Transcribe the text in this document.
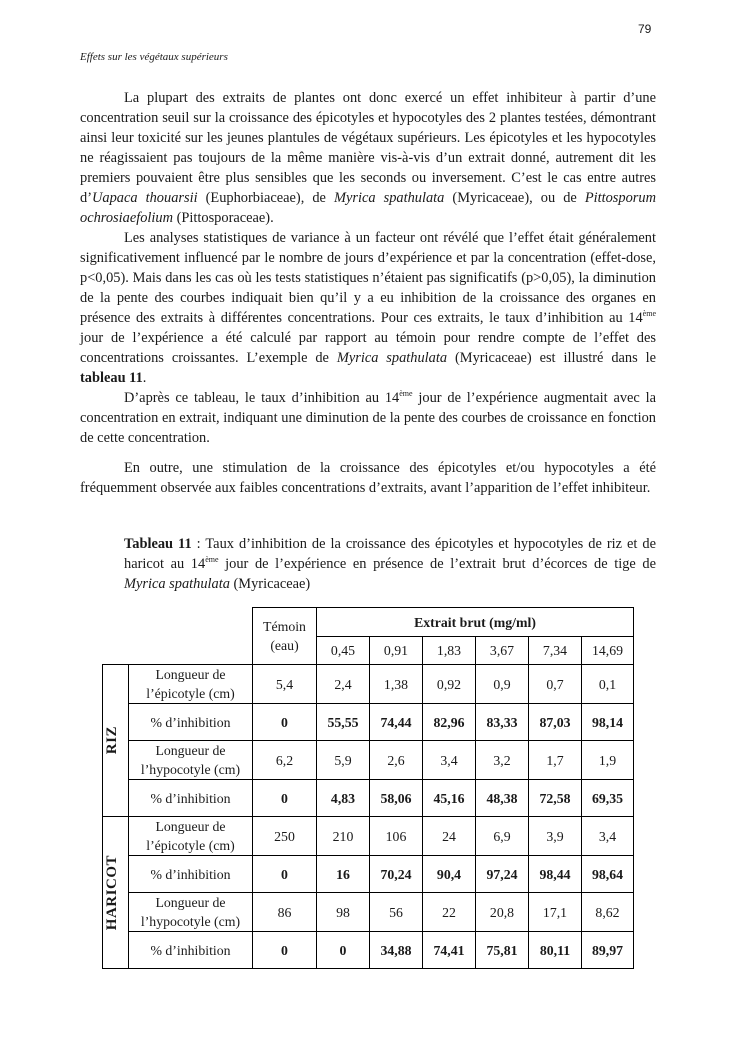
79
Effets sur les végétaux supérieurs

La plupart des extraits de plantes ont donc exercé un effet inhibiteur à partir d’une concentration seuil sur la croissance des épicotyles et hypocotyles des 2 plantes testées, démontrant ainsi leur toxicité sur les jeunes plantules de végétaux supérieurs. Les épicotyles et les hypocotyles ne réagissaient pas toujours de la même manière vis-à-vis d’un extrait donné, autrement dit les premiers pouvaient être plus sensibles que les seconds ou inversement. C’est le cas entre autres d’Uapaca thouarsii (Euphorbiaceae), de Myrica spathulata (Myricaceae), ou de Pittosporum ochrosiaefolium (Pittosporaceae).

Les analyses statistiques de variance à un facteur ont révélé que l’effet était généralement significativement influencé par le nombre de jours d’expérience et par la concentration (effet-dose, p<0,05). Mais dans les cas où les tests statistiques n’étaient pas significatifs (p>0,05), la diminution de la pente des courbes indiquait bien qu’il y a eu inhibition de la croissance des organes en présence des extraits à différentes concentrations. Pour ces extraits, le taux d’inhibition au 14ème jour de l’expérience a été calculé par rapport au témoin pour rendre compte de l’effet des concentrations croissantes. L’exemple de Myrica spathulata (Myricaceae) est illustré dans le tableau 11.

D’après ce tableau, le taux d’inhibition au 14ème jour de l’expérience augmentait avec la concentration en extrait, indiquant une diminution de la pente des courbes de croissance en fonction de cette concentration.

En outre, une stimulation de la croissance des épicotyles et/ou hypocotyles a été fréquemment observée aux faibles concentrations d’extraits, avant l’apparition de l’effet inhibiteur.

Tableau 11 : Taux d’inhibition de la croissance des épicotyles et hypocotyles de riz et de haricot au 14ème jour de l’expérience en présence de l’extrait brut d’écorces de tige de Myrica spathulata (Myricaceae)
		Témoin (eau)	Extrait brut (mg/ml)					
			0,45	0,91	1,83	3,67	7,34	14,69

RIZ	Longueur de l’épicotyle (cm)	5,4	2,4	1,38	0,92	0,9	0,7	0,1
	% d’inhibition	0	55,55	74,44	82,96	83,33	87,03	98,14
	Longueur de l’hypocotyle (cm)	6,2	5,9	2,6	3,4	3,2	1,7	1,9
	% d’inhibition	0	4,83	58,06	45,16	48,38	72,58	69,35

HARICOT	Longueur de l’épicotyle (cm)	250	210	106	24	6,9	3,9	3,4
	% d’inhibition	0	16	70,24	90,4	97,24	98,44	98,64
	Longueur de l’hypocotyle (cm)	86	98	56	22	20,8	17,1	8,62
	% d’inhibition	0	0	34,88	74,41	75,81	80,11	89,97
